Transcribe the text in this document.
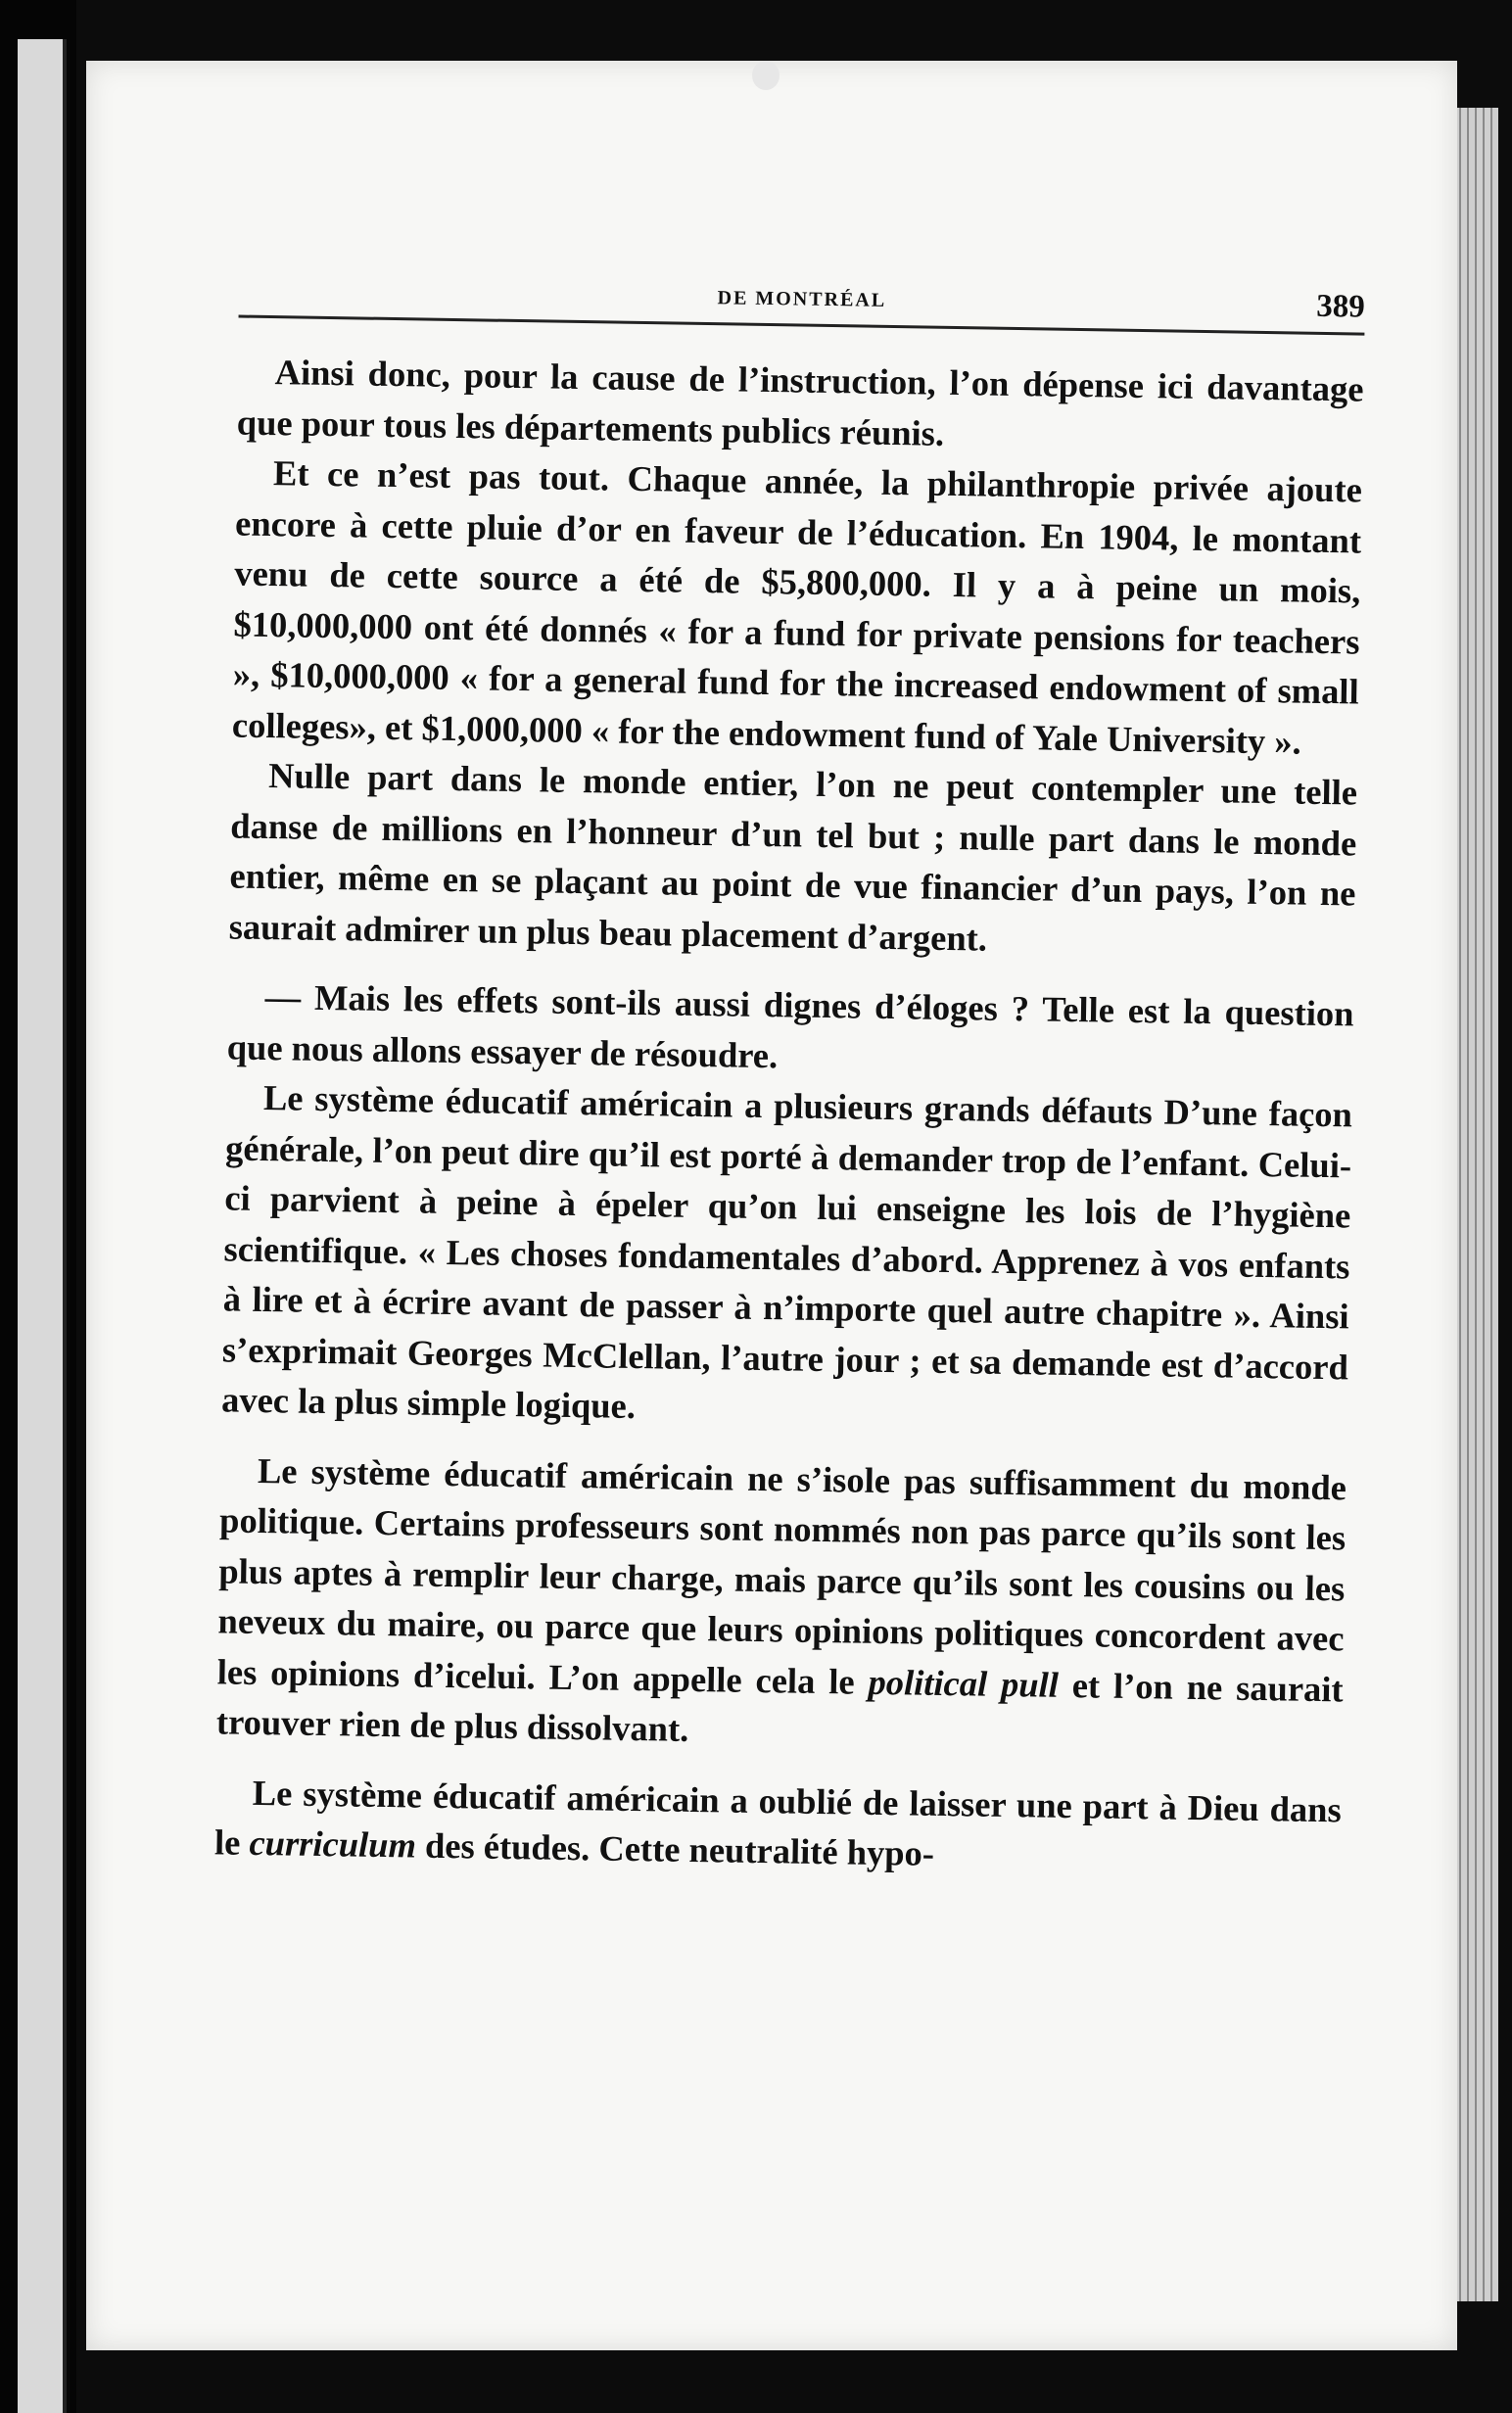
DE MONTRÉAL	389

Ainsi donc, pour la cause de l’instruction, l’on dépense ici davantage que pour tous les départements publics réunis.

Et ce n’est pas tout. Chaque année, la philanthropie privée ajoute encore à cette pluie d’or en faveur de l’éducation. En 1904, le montant venu de cette source a été de $5,800,000. Il y a à peine un mois, $10,000,000 ont été donnés « for a fund for private pensions for teachers », $10,000,000 « for a general fund for the increased endowment of small colleges», et $1,000,000 « for the endowment fund of Yale University ».

Nulle part dans le monde entier, l’on ne peut contempler une telle danse de millions en l’honneur d’un tel but ; nulle part dans le monde entier, même en se plaçant au point de vue financier d’un pays, l’on ne saurait admirer un plus beau placement d’argent.

— Mais les effets sont-ils aussi dignes d’éloges ? Telle est la question que nous allons essayer de résoudre.

Le système éducatif américain a plusieurs grands défauts D’une façon générale, l’on peut dire qu’il est porté à demander trop de l’enfant. Celui-ci parvient à peine à épeler qu’on lui enseigne les lois de l’hygiène scientifique. « Les choses fondamentales d’abord. Apprenez à vos enfants à lire et à écrire avant de passer à n’importe quel autre chapitre ». Ainsi s’exprimait Georges McClellan, l’autre jour ; et sa demande est d’accord avec la plus simple logique.

Le système éducatif américain ne s’isole pas suffisamment du monde politique. Certains professeurs sont nommés non pas parce qu’ils sont les plus aptes à remplir leur charge, mais parce qu’ils sont les cousins ou les neveux du maire, ou parce que leurs opinions politiques concordent avec les opinions d’icelui. L’on appelle cela le political pull et l’on ne saurait trouver rien de plus dissolvant.

Le système éducatif américain a oublié de laisser une part à Dieu dans le curriculum des études. Cette neutralité hypo-
